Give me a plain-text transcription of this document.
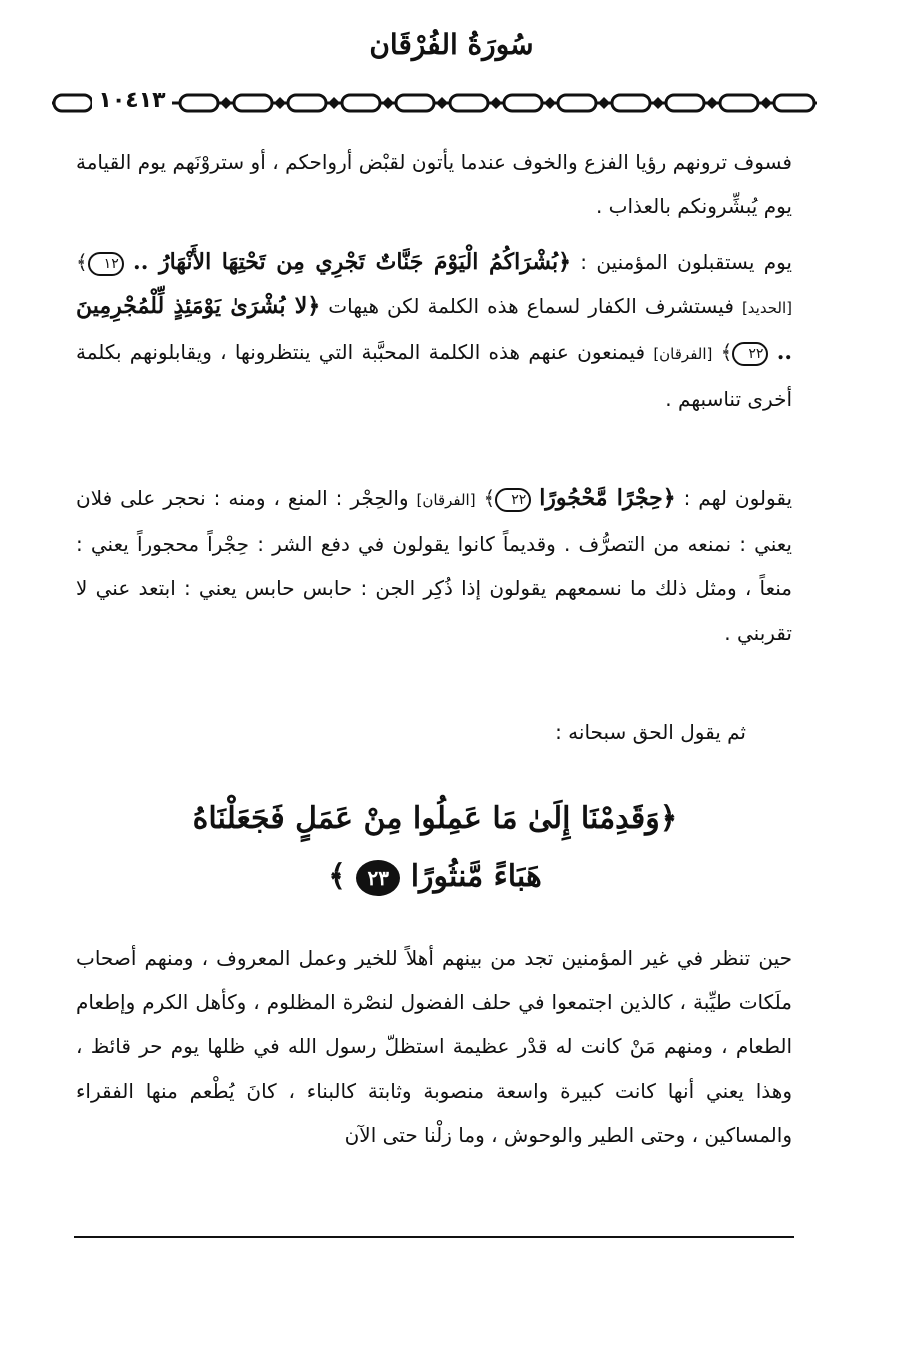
سُورَةُ الفُرْقَان
١٠٤١٣

فسوف ترونهم رؤيا الفزع والخوف عندما يأتون لقبْض أرواحكم ، أو ستروْنَهم يوم القيامة يوم يُبشِّرونكم بالعذاب .

يوم يستقبلون المؤمنين : ﴿بُشْرَاكُمُ الْيَوْمَ جَنَّاتٌ تَجْرِي مِن تَحْتِهَا الأَنْهَارُ .. ١٢﴾ [الحديد] فيستشرف الكفار لسماع هذه الكلمة لكن هيهات ﴿لا بُشْرَىٰ يَوْمَئِذٍ لِّلْمُجْرِمِينَ .. ٢٢﴾ [الفرقان] فيمنعون عنهم هذه الكلمة المحبَّبة التي ينتظرونها ، ويقابلونهم بكلمة أخرى تناسبهم .

يقولون لهم : ﴿حِجْرًا مَّحْجُورًا ٢٢﴾ [الفرقان] والحِجْر : المنع ، ومنه : نحجر على فلان يعني : نمنعه من التصرُّف . وقديماً كانوا يقولون في دفع الشر : حِجْراً محجوراً يعني : منعاً ، ومثل ذلك ما نسمعهم يقولون إذا ذُكِر الجن : حابس حابس يعني : ابتعد عني لا تقربني .

ثم يقول الحق سبحانه :

﴿وَقَدِمْنَا إِلَىٰ مَا عَمِلُوا مِنْ عَمَلٍ فَجَعَلْنَاهُ
هَبَاءً مَّنثُورًا ٢٣ ﴾

حين تنظر في غير المؤمنين تجد من بينهم أهلاً للخير وعمل المعروف ، ومنهم أصحاب ملَكات طيِّبة ، كالذين اجتمعوا في حلف الفضول لنصْرة المظلوم ، وكأهل الكرم وإطعام الطعام ، ومنهم مَنْ كانت له قدْر عظيمة استظلّ رسول الله في ظلها يوم حر قائظ ، وهذا يعني أنها كانت كبيرة واسعة منصوبة وثابتة كالبناء ، كانَ يُطْعم منها الفقراء والمساكين ، وحتى الطير والوحوش ، وما زلْنا حتى الآن
